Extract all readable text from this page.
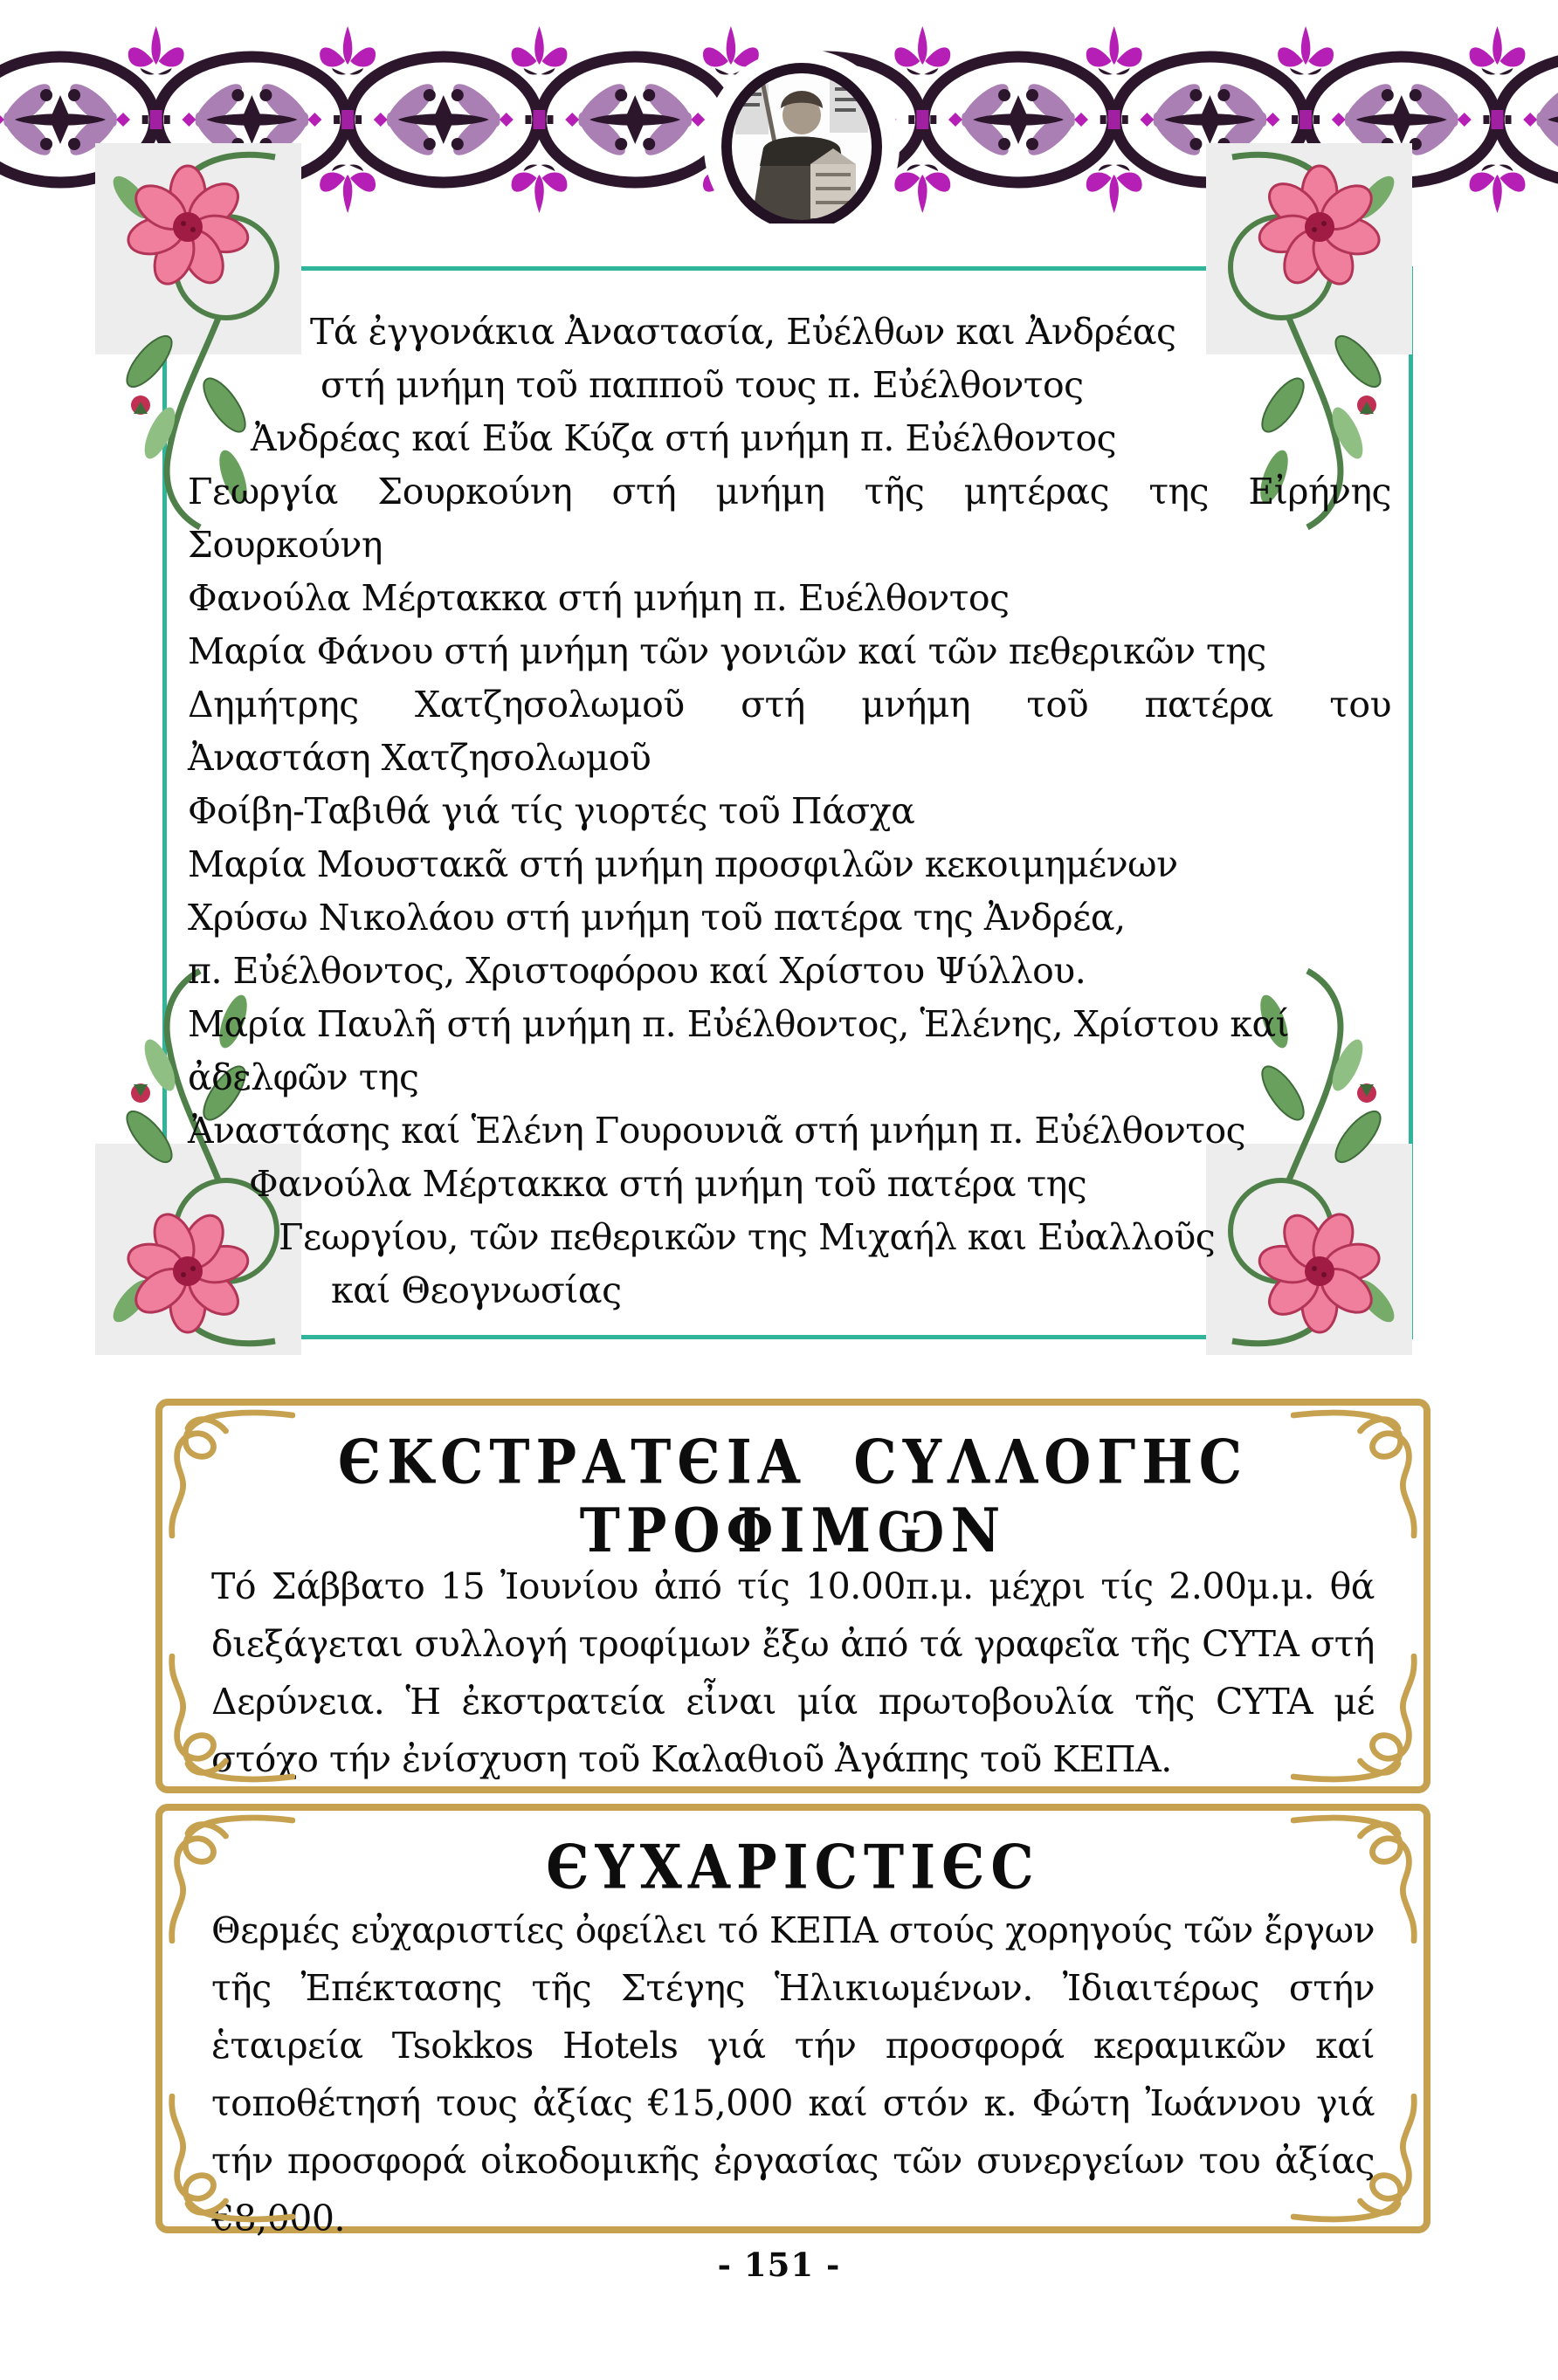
Τά ἐγγονάκια Ἀναστασία, Εὐέλθων και Ἀνδρέας
στή μνήμη τοῦ παπποῦ τους π. Εὐέλθοντος
Ἀνδρέας καί Εὔα Κύζα στή μνήμη π. Εὐέλθοντος
Γεωργία Σουρκούνη στή μνήμη τῆς μητέρας της Εἰρήνης
Σουρκούνη
Φανούλα Μέρτακκα στή μνήμη π. Ευέλθοντος
Μαρία Φάνου στή μνήμη τῶν γονιῶν καί τῶν πεθερικῶν της
Δημήτρης Χατζησολωμοῦ στή μνήμη τοῦ πατέρα του
Ἀναστάση Χατζησολωμοῦ
Φοίβη-Ταβιθά γιά τίς γιορτές τοῦ Πάσχα
Μαρία Μουστακᾶ στή μνήμη προσφιλῶν κεκοιμημένων
Χρύσω Νικολάου στή μνήμη τοῦ πατέρα της Ἀνδρέα,
π. Εὐέλθοντος, Χριστοφόρου καί Χρίστου Ψύλλου.
Μαρία Παυλῆ στή μνήμη π. Εὐέλθοντος, Ἑλένης, Χρίστου καί
ἀδελφῶν της
Ἀναστάσης καί Ἑλένη Γουρουνιᾶ στή μνήμη π. Εὐέλθοντος
Φανούλα Μέρτακκα στή μνήμη τοῦ πατέρα της
Γεωργίου, τῶν πεθερικῶν της Μιχαήλ και Εὐαλλοῦς
καί Θεογνωσίας
ЄΚCΤΡΑΤЄΙΑ CΥΛΛΟΓΗC ΤΡΟΦΙΜѠΝ

Τό Σάββατο 15 Ἰουνίου ἀπό τίς 10.00π.μ. μέχρι τίς 2.00μ.μ. θά διεξάγεται συλλογή τροφίμων ἔξω ἀπό τά γραφεῖα τῆς CYTA στή Δερύνεια. Ἡ ἐκστρατεία εἶναι μία πρωτοβουλία τῆς CYTA μέ στόχο τήν ἐνίσχυση τοῦ Καλαθιοῦ Ἀγάπης τοῦ ΚΕΠΑ.

ЄΥΧΑΡΙCΤΙЄC

Θερμές εὐχαριστίες ὀφείλει τό ΚΕΠΑ στούς χορηγούς τῶν ἔργων τῆς Ἐπέκτασης τῆς Στέγης Ἡλικιωμένων. Ἰδιαιτέρως στήν ἑταιρεία Tsokkos Hotels γιά τήν προσφορά κεραμικῶν καί τοποθέτησή τους ἀξίας €15,000 καί στόν κ. Φώτη Ἰωάννου γιά τήν προσφορά οἰκοδομικῆς ἐργασίας τῶν συνεργείων του ἀξίας €8,000.

- 151 -
